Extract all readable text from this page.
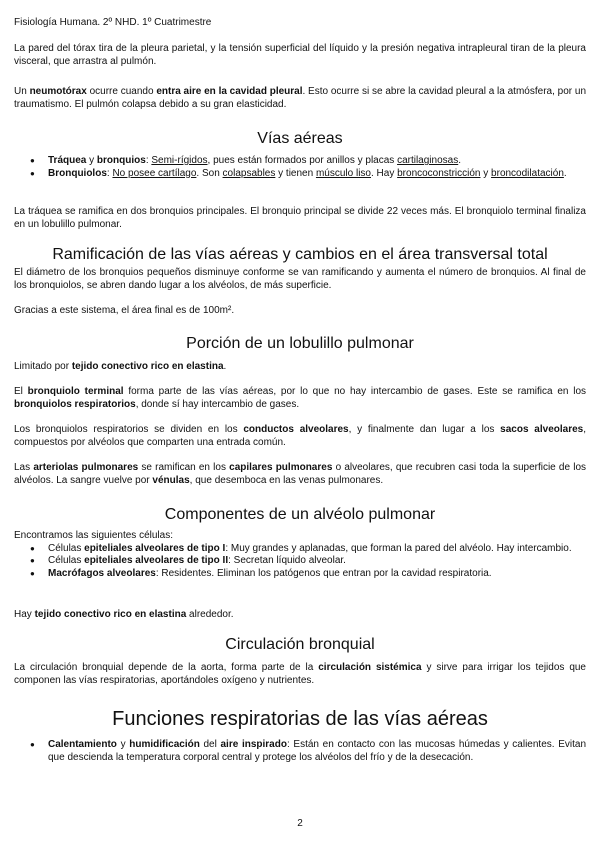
Fisiología Humana. 2º NHD. 1º Cuatrimestre

La pared del tórax tira de la pleura parietal, y la tensión superficial del líquido y la presión negativa intrapleural tiran de la pleura visceral, que arrastra al pulmón.

Un neumotórax ocurre cuando entra aire en la cavidad pleural. Esto ocurre si se abre la cavidad pleural a la atmósfera, por un traumatismo. El pulmón colapsa debido a su gran elasticidad.

Vías aéreas
● Tráquea y bronquios: Semi-rígidos, pues están formados por anillos y placas cartilaginosas.
● Bronquiolos: No posee cartílago. Son colapsables y tienen músculo liso. Hay broncoconstricción y broncodilatación.

La tráquea se ramifica en dos bronquios principales. El bronquio principal se divide 22 veces más. El bronquiolo terminal finaliza en un lobulillo pulmonar.

Ramificación de las vías aéreas y cambios en el área transversal total

El diámetro de los bronquios pequeños disminuye conforme se van ramificando y aumenta el número de bronquios. Al final de los bronquiolos, se abren dando lugar a los alvéolos, de más superficie.

Gracias a este sistema, el área final es de 100m².

Porción de un lobulillo pulmonar

Limitado por tejido conectivo rico en elastina.

El bronquiolo terminal forma parte de las vías aéreas, por lo que no hay intercambio de gases. Este se ramifica en los bronquiolos respiratorios, donde sí hay intercambio de gases.

Los bronquiolos respiratorios se dividen en los conductos alveolares, y finalmente dan lugar a los sacos alveolares, compuestos por alvéolos que comparten una entrada común.

Las arteriolas pulmonares se ramifican en los capilares pulmonares o alveolares, que recubren casi toda la superficie de los alvéolos. La sangre vuelve por vénulas, que desemboca en las venas pulmonares.

Componentes de un alvéolo pulmonar

Encontramos las siguientes células:

● Células epiteliales alveolares de tipo I: Muy grandes y aplanadas, que forman la pared del alvéolo. Hay intercambio.
● Células epiteliales alveolares de tipo II: Secretan líquido alveolar.
● Macrófagos alveolares: Residentes. Eliminan los patógenos que entran por la cavidad respiratoria.

Hay tejido conectivo rico en elastina alrededor.

Circulación bronquial

La circulación bronquial depende de la aorta, forma parte de la circulación sistémica y sirve para irrigar los tejidos que componen las vías respiratorias, aportándoles oxígeno y nutrientes.

Funciones respiratorias de las vías aéreas
● Calentamiento y humidificación del aire inspirado: Están en contacto con las mucosas húmedas y calientes. Evitan que descienda la temperatura corporal central y protege los alvéolos del frío y de la desecación.
2
